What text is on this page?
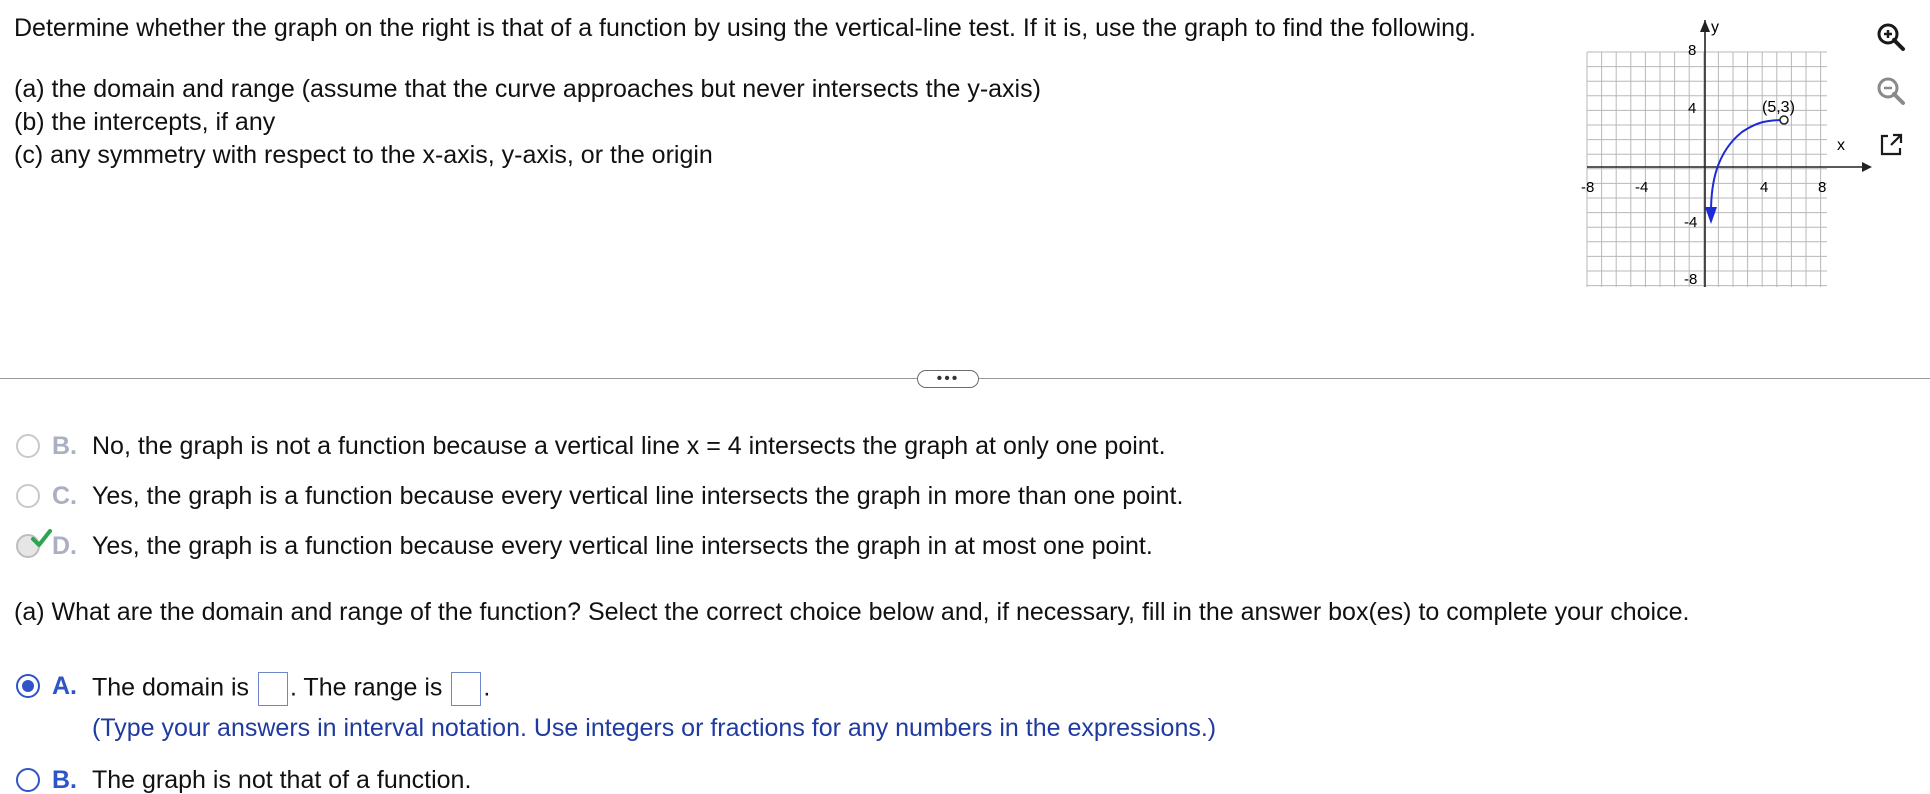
Determine whether the graph on the right is that of a function by using the vertical-line test. If it is, use the graph to find the following.

(a) the domain and range (assume that the curve approaches but never intersects the y-axis)

(b) the intercepts, if any

(c) any symmetry with respect to the x-axis, y-axis, or the origin

y
x
-8	-4	4	8
8
4
-4
-8
(5,3)
•••
B. No, the graph is not a function because a vertical line x = 4 intersects the graph at only one point.
C. Yes, the graph is a function because every vertical line intersects the graph in more than one point.
D. Yes, the graph is a function because every vertical line intersects the graph in at most one point.
(a) What are the domain and range of the function? Select the correct choice below and, if necessary, fill in the answer box(es) to complete your choice.
A. The domain is . The range is .
(Type your answers in interval notation. Use integers or fractions for any numbers in the expressions.)
B. The graph is not that of a function.
